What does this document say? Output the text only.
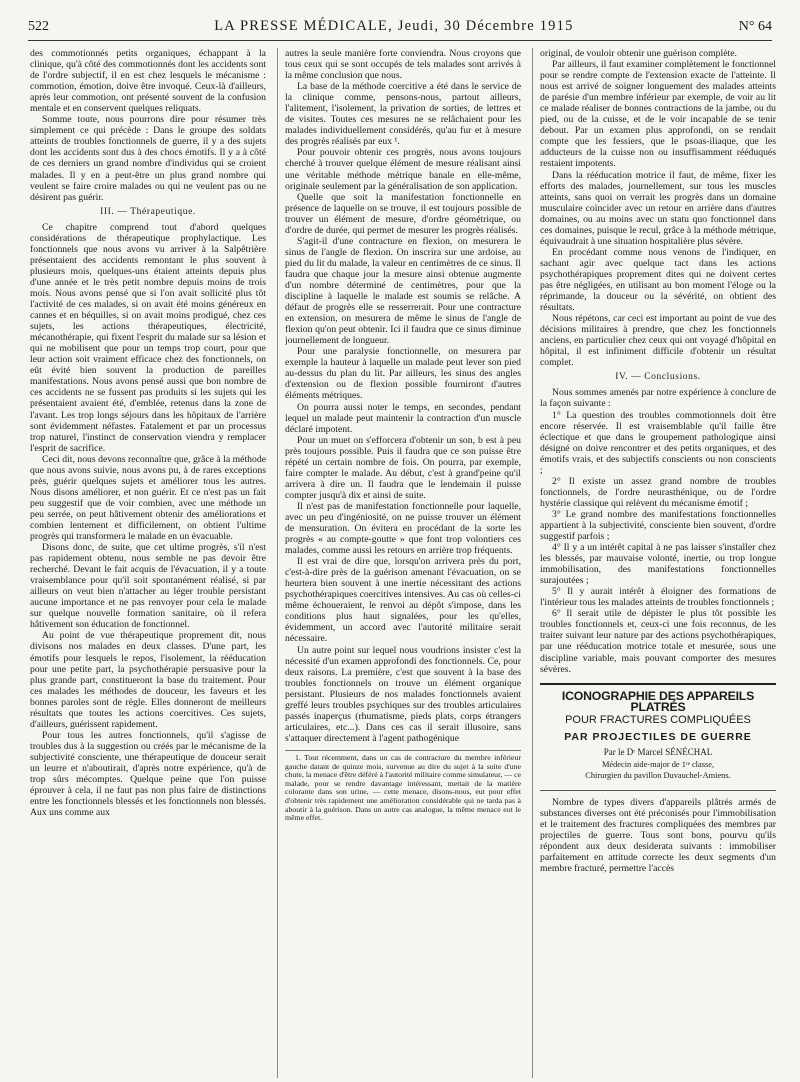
522	LA PRESSE MÉDICALE, Jeudi, 30 Décembre 1915	N° 64

des commotionnés petits organiques, échappant à la clinique, qu'à côté des commotionnés dont les accidents sont de l'ordre subjectif, il en est chez lesquels le mécanisme : commotion, émotion, doive être invoqué. Ceux-là d'ailleurs, après leur commotion, ont présenté souvent de la confusion mentale et en conservent quelques reliquats.

Somme toute, nous pourrons dire pour résumer très simplement ce qui précède : Dans le groupe des soldats atteints de troubles fonctionnels de guerre, il y a des sujets dont les accidents sont dus à des chocs émotifs. Il y a à côté de ces derniers un grand nombre d'individus qui se croient malades. Il y en a peut-être un plus grand nombre qui veulent se faire croire malades ou qui ne veulent pas ou ne désirent pas guérir.

III. — Thérapeutique.

Ce chapitre comprend tout d'abord quelques considérations de thérapeutique prophylactique. Les fonctionnels que nous avons vu arriver à la Salpêtrière présentaient des accidents remontant le plus souvent à plusieurs mois, quelques-uns étaient atteints depuis plus d'une année et le très petit nombre depuis moins de trois mois. Nous avons pensé que si l'on avait sollicité plus tôt l'activité de ces malades, si on avait été moins généreux en cannes et en béquilles, si on avait moins prodigué, chez ces sujets, les actions thérapeutiques, électricité, mécanothérapie, qui fixent l'esprit du malade sur sa lésion et qui ne mobilisent que pour un temps trop court, pour que leur action soit vraiment efficace chez des fonctionnels, on eût évité bien souvent la production de pareilles manifestations. Nous avons pensé aussi que bon nombre de ces accidents ne se fussent pas produits si les sujets qui les présentaient avaient été, d'emblée, retenus dans la zone de l'avant. Les trop longs séjours dans les hôpitaux de l'arrière sont évidemment néfastes. Fatalement et par un processus trop naturel, l'instinct de conservation viendra y remplacer l'esprit de sacrifice.

Ceci dit, nous devons reconnaître que, grâce à la méthode que nous avons suivie, nous avons pu, à de rares exceptions près, guérir quelques sujets et améliorer tous les autres. Nous disons améliorer, et non guérir. Et ce n'est pas un fait peu suggestif que de voir combien, avec une méthode un peu serrée, on peut hâtivement obtenir des améliorations et combien lentement et difficilement, on obtient l'ultime progrès qui transformera le malade en un évacuable.

Disons donc, de suite, que cet ultime progrès, s'il n'est pas rapidement obtenu, nous semble ne pas devoir être recherché. Devant le fait acquis de l'évacuation, il y a toute vraisemblance pour qu'il soit spontanément réalisé, si par ailleurs on veut bien n'attacher au léger trouble persistant aucune importance et ne pas renvoyer pour cela le malade sur quelque nouvelle formation sanitaire, où il refera hâtivement son éducation de fonctionnel.

Au point de vue thérapeutique proprement dit, nous divisons nos malades en deux classes. D'une part, les émotifs pour lesquels le repos, l'isolement, la rééducation pour une petite part, la psychothérapie persuasive pour la plus grande part, constitueront la base du traitement. Pour ces malades les méthodes de douceur, les faveurs et les bonnes paroles sont de règle. Elles donneront de meilleurs résultats que toutes les actions coercitives. Ces sujets, d'ailleurs, guérissent rapidement.

Pour tous les autres fonctionnels, qu'il s'agisse de troubles dus à la suggestion ou créés par le mécanisme de la subjectivité consciente, une thérapeutique de douceur serait un leurre et n'aboutirait, d'après notre expérience, qu'à de trop sûrs mécomptes. Quelque peine que l'on puisse éprouver à cela, il ne faut pas non plus faire de distinctions entre les fonctionnels blessés et les fonctionnels non blessés. Aux uns comme aux

autres la seule manière forte conviendra. Nous croyons que tous ceux qui se sont occupés de tels malades sont arrivés à la même conclusion que nous.

La base de la méthode coercitive a été dans le service de la clinique comme, pensons-nous, partout ailleurs, l'alitement, l'isolement, la privation de sorties, de lettres et de visites. Toutes ces mesures ne se relâchaient pour les malades individuellement considérés, qu'au fur et à mesure des progrès réalisés par eux ¹.

Pour pouvoir obtenir ces progrès, nous avons toujours cherché à trouver quelque élément de mesure réalisant ainsi une véritable méthode métrique banale en elle-même, originale seulement par la généralisation de son application.

Quelle que soit la manifestation fonctionnelle en présence de laquelle on se trouve, il est toujours possible de trouver un élément de mesure, d'ordre géométrique, ou d'ordre de durée, qui permet de mesurer les progrès réalisés.

S'agit-il d'une contracture en flexion, on mesurera le sinus de l'angle de flexion. On inscrira sur une ardoise, au pied du lit du malade, la valeur en centimètres de ce sinus. Il faudra que chaque jour la mesure ainsi obtenue augmente d'un nombre déterminé de centimètres, pour que la discipline à laquelle le malade est soumis se relâche. A défaut de progrès elle se resserrerait. Pour une contracture en extension, on mesurera de même le sinus de l'angle de flexion qu'on peut obtenir. Ici il faudra que ce sinus diminue journellement de longueur.

Pour une paralysie fonctionnelle, on mesurera par exemple la hauteur à laquelle un malade peut lever son pied au-dessus du plan du lit. Par ailleurs, les sinus des angles d'extension ou de flexion possible fourniront d'autres éléments métriques.

On pourra aussi noter le temps, en secondes, pendant lequel un malade peut maintenir la contraction d'un muscle déclaré impotent.

Pour un muet on s'efforcera d'obtenir un son, b est à peu près toujours possible. Puis il faudra que ce son puisse être répété un certain nombre de fois. On pourra, par exemple, faire compter le malade. Au début, c'est à grand'peine qu'il arrivera à dire un. Il faudra que le lendemain il puisse compter jusqu'à dix et ainsi de suite.

Il n'est pas de manifestation fonctionnelle pour laquelle, avec un peu d'ingéniosité, on ne puisse trouver un élément de mensuration. On évitera en procédant de la sorte les progrès « au compte-goutte » que font trop volontiers ces malades, comme aussi les retours en arrière trop fréquents.

Il est vrai de dire que, lorsqu'on arrivera près du port, c'est-à-dire près de la guérison amenant l'évacuation, on se heurtera bien souvent à une inertie nécessitant des actions psychothérapiques coercitives intensives. Au cas où celles-ci même échoueraient, le renvoi au dépôt s'impose, dans les conditions plus haut signalées, pour les qu'elles, évidemment, un accord avec l'autorité militaire serait nécessaire.

Un autre point sur lequel nous voudrions insister c'est la nécessité d'un examen approfondi des fonctionnels. Ce, pour deux raisons. La première, c'est que souvent à la base des troubles fonctionnels on trouve un élément organique persistant. Plusieurs de nos malades fonctionnels avaient greffé leurs troubles psychiques sur des troubles articulaires passés inaperçus (rhumatisme, pieds plats, corps étrangers articulaires, etc...). Dans ces cas il serait illusoire, sans s'attaquer directement à l'agent pathogénique

1. Tout récemment, dans un cas de contracture du membre inférieur gauche datant de quinze mois, survenue au dire du sujet à la suite d'une chute, la menace d'être déféré à l'autorité militaire comme simulateur, — ce malade, pour se rendre davantage intéressant, mettait de la matière colorante dans son urine, — cette menace, disons-nous, eut pour effet d'obtenir très rapidement une amélioration considérable qui ne tarda pas à aboutir à la guérison. Dans un autre cas analogue, la même menace eut le même effet.

original, de vouloir obtenir une guérison complète.

Par ailleurs, il faut examiner complètement le fonctionnel pour se rendre compte de l'extension exacte de l'atteinte. Il nous est arrivé de soigner longuement des malades atteints de parésie d'un membre inférieur par exemple, de voir au lit ce malade réaliser de bonnes contractions de la jambe, ou du pied, ou de la cuisse, et de le voir incapable de se tenir debout. Par un examen plus approfondi, on se rendait compte que les fessiers, que le psoas-iliaque, que les adducteurs de la cuisse non ou insuffisamment rééduqués restaient impotents.

Dans la rééducation motrice il faut, de même, fixer les efforts des malades, journellement, sur tous les muscles atteints, sans quoi on verrait les progrès dans un domaine musculaire coïncider avec un retour en arrière dans d'autres domaines, ou au moins avec un statu quo fonctionnel dans ces domaines, puisque le recul, grâce à la méthode métrique, équivaudrait à une situation hospitalière plus sévère.

En procédant comme nous venons de l'indiquer, en sachant agir avec quelque tact dans les actions psychothérapiques proprement dites qui ne doivent certes pas être négligées, en utilisant au bon moment l'éloge ou la réprimande, la douceur ou la sévérité, on obtient des résultats.

Nous répétons, car ceci est important au point de vue des décisions militaires à prendre, que chez les fonctionnels anciens, en particulier chez ceux qui ont voyagé d'hôpital en hôpital, il est infiniment difficile d'obtenir un résultat complet.

IV. — Conclusions.

Nous sommes amenés par notre expérience à conclure de la façon suivante :

1° La question des troubles commotionnels doit être encore réservée. Il est vraisemblable qu'il faille être éclectique et que dans le groupement pathologique ainsi désigné on doive rencontrer et des petits organiques, et des émotifs vrais, et des subjectifs conscients ou non conscients ;

2° Il existe un assez grand nombre de troubles fonctionnels, de l'ordre neurasthénique, ou de l'ordre hystérie classique qui relèvent du mécanisme émotif ;

3° Le grand nombre des manifestations fonctionnelles appartient à la subjectivité, consciente bien souvent, d'ordre suggestif parfois ;

4° Il y a un intérêt capital à ne pas laisser s'installer chez les blessés, par mauvaise volonté, inertie, ou trop longue immobilisation, des manifestations fonctionnelles surajoutées ;

5° Il y aurait intérêt à éloigner des formations de l'intérieur tous les malades atteints de troubles fonctionnels ;

6° Il serait utile de dépister le plus tôt possible les troubles fonctionnels et, ceux-ci une fois reconnus, de les traiter suivant leur nature par des actions psychothérapiques, par une rééducation motrice totale et mesurée, sous une discipline variable, mais pouvant comporter des mesures sévères.

ICONOGRAPHIE DES APPAREILS PLATRÉS
POUR FRACTURES COMPLIQUÉES
PAR PROJECTILES DE GUERRE
Par le Dʳ Marcel SÉNÉCHAL
Médecin aide-major de 1ʳᵉ classe,
Chirurgien du pavillon Duvauchel-Amiens.

Nombre de types divers d'appareils plâtrés armés de substances diverses ont été préconisés pour l'immobilisation et le traitement des fractures compliquées des membres par projectiles de guerre. Tous sont bons, pourvu qu'ils répondent aux deux desiderata suivants : immobiliser parfaitement en attitude correcte les deux segments d'un membre fracturé, permettre l'accès
